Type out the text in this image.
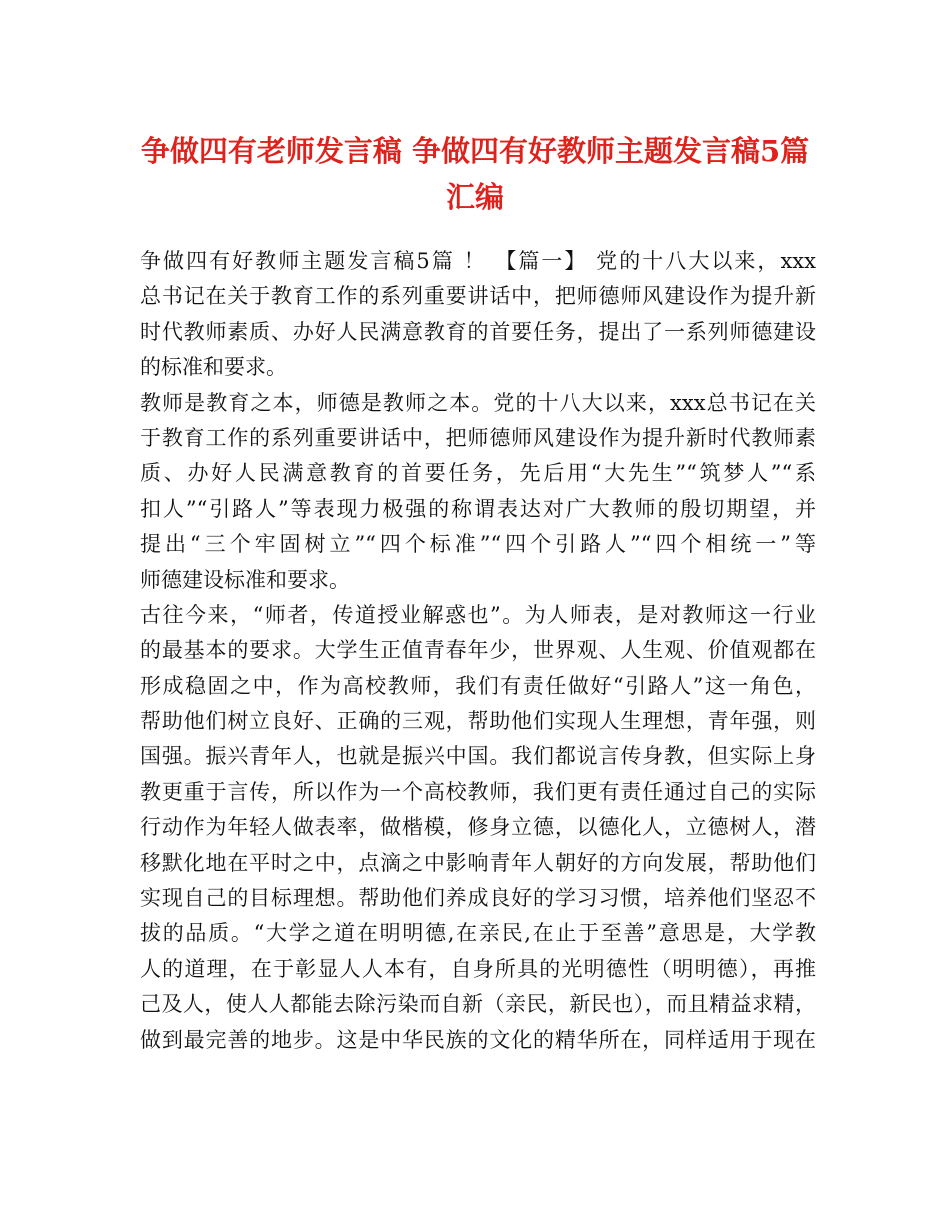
争做四有老师发言稿 争做四有好教师主题发言稿5篇
汇编
争做四有好教师主题发言稿5篇 ！ 【篇一】 党的十八大以来，xxx
总书记在关于教育工作的系列重要讲话中，把师德师风建设作为提升新
时代教师素质、办好人民满意教育的首要任务，提出了一系列师德建设
的标准和要求。
教师是教育之本，师德是教师之本。党的十八大以来，xxx总书记在关
于教育工作的系列重要讲话中，把师德师风建设作为提升新时代教师素
质、办好人民满意教育的首要任务，先后用“大先生”“筑梦人”“系
扣人”“引路人”等表现力极强的称谓表达对广大教师的殷切期望，并
提出“三个牢固树立”“四个标准”“四个引路人”“四个相统一”等
师德建设标准和要求。
古往今来，“师者，传道授业解惑也”。为人师表，是对教师这一行业
的最基本的要求。大学生正值青春年少，世界观、人生观、价值观都在
形成稳固之中，作为高校教师，我们有责任做好“引路人”这一角色，
帮助他们树立良好、正确的三观，帮助他们实现人生理想，青年强，则
国强。振兴青年人，也就是振兴中国。我们都说言传身教，但实际上身
教更重于言传，所以作为一个高校教师，我们更有责任通过自己的实际
行动作为年轻人做表率，做楷模，修身立德，以德化人，立德树人，潜
移默化地在平时之中，点滴之中影响青年人朝好的方向发展，帮助他们
实现自己的目标理想。帮助他们养成良好的学习习惯，培养他们坚忍不
拔的品质。“大学之道在明明德,在亲民,在止于至善”意思是，大学教
人的道理，在于彰显人人本有，自身所具的光明德性（明明德），再推
己及人，使人人都能去除污染而自新（亲民，新民也），而且精益求精，
做到最完善的地步。这是中华民族的文化的精华所在，同样适用于现在
